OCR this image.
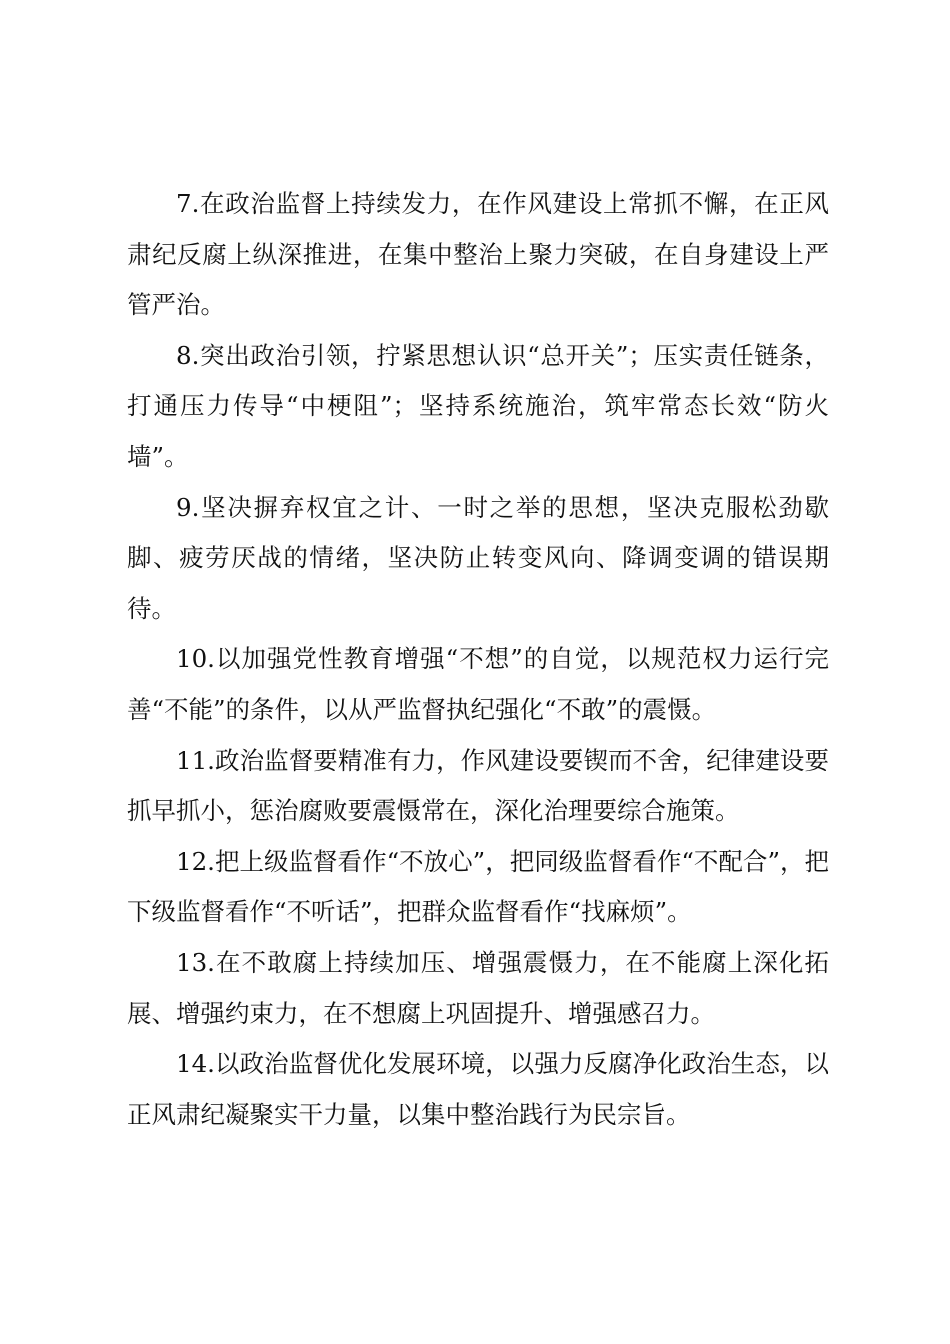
7.在政治监督上持续发力，在作风建设上常抓不懈，在正风肃纪反腐上纵深推进，在集中整治上聚力突破，在自身建设上严管严治。

8.突出政治引领，拧紧思想认识“总开关”；压实责任链条，打通压力传导“中梗阻”；坚持系统施治，筑牢常态长效“防火墙”。

9.坚决摒弃权宜之计、一时之举的思想，坚决克服松劲歇脚、疲劳厌战的情绪，坚决防止转变风向、降调变调的错误期待。

10.以加强党性教育增强“不想”的自觉，以规范权力运行完善“不能”的条件，以从严监督执纪强化“不敢”的震慑。

11.政治监督要精准有力，作风建设要锲而不舍，纪律建设要抓早抓小，惩治腐败要震慑常在，深化治理要综合施策。

12.把上级监督看作“不放心”，把同级监督看作“不配合”，把下级监督看作“不听话”，把群众监督看作“找麻烦”。

13.在不敢腐上持续加压、增强震慑力，在不能腐上深化拓展、增强约束力，在不想腐上巩固提升、增强感召力。

14.以政治监督优化发展环境，以强力反腐净化政治生态，以正风肃纪凝聚实干力量，以集中整治践行为民宗旨。
